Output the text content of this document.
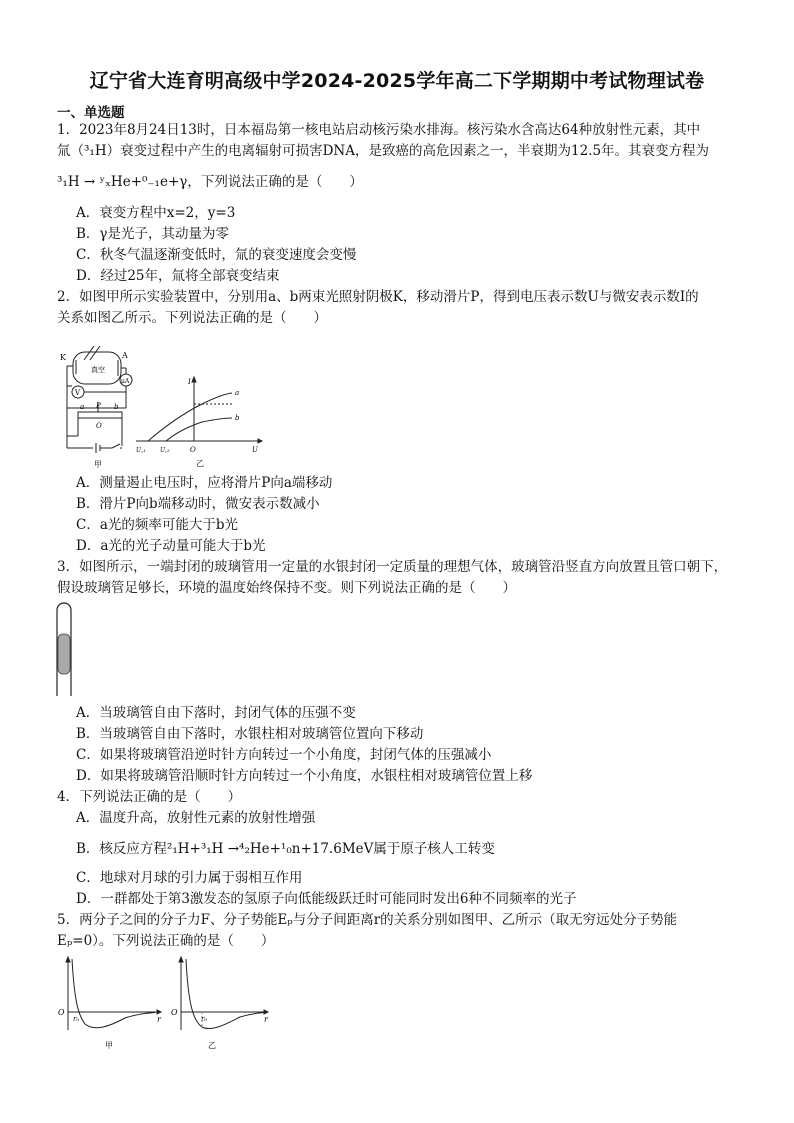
辽宁省大连育明高级中学2024-2025学年高二下学期期中考试物理试卷
一、单选题
1．2023年8月24日13时，日本福岛第一核电站启动核污染水排海。核污染水含高达64种放射性元素，其中
氚（³₁H）衰变过程中产生的电离辐射可损害DNA，是致癌的高危因素之一，半衰期为12.5年。其衰变方程为
³₁H → ʸₓHe+⁰₋₁e+γ，下列说法正确的是（　　）
A．衰变方程中x=2，y=3
B．γ是光子，其动量为零
C．秋冬气温逐渐变低时，氚的衰变速度会变慢
D．经过25年，氚将全部衰变结束
2．如图甲所示实验装置中，分别用a、b两束光照射阴极K，移动滑片P，得到电压表示数U与微安表示数I的
关系如图乙所示。下列说法正确的是（　　）
K	A
真空
μA
V
a P b
O
甲
I
a
b
U꜀₁ U꜀₂	O	U
乙
A．测量遏止电压时，应将滑片P向a端移动
B．滑片P向b端移动时，微安表示数减小
C．a光的频率可能大于b光
D．a光的光子动量可能大于b光
3．如图所示，一端封闭的玻璃管用一定量的水银封闭一定质量的理想气体，玻璃管沿竖直方向放置且管口朝下，
假设玻璃管足够长，环境的温度始终保持不变。则下列说法正确的是（　　）
A．当玻璃管自由下落时，封闭气体的压强不变
B．当玻璃管自由下落时，水银柱相对玻璃管位置向下移动
C．如果将玻璃管沿逆时针方向转过一个小角度，封闭气体的压强减小
D．如果将玻璃管沿顺时针方向转过一个小角度，水银柱相对玻璃管位置上移
4．下列说法正确的是（　　）
A．温度升高，放射性元素的放射性增强
B．核反应方程²₁H+³₁H →⁴₂He+¹₀n+17.6MeV属于原子核人工转变
C．地球对月球的引力属于弱相互作用
D．一群都处于第3激发态的氢原子向低能级跃迁时可能同时发出6种不同频率的光子
5．两分子之间的分子力F、分子势能Eₚ与分子间距离r的关系分别如图甲、乙所示（取无穷远处分子势能
Eₚ=0）。下列说法正确的是（　　）
O
r₀	r
甲
O
r₀	r
乙
